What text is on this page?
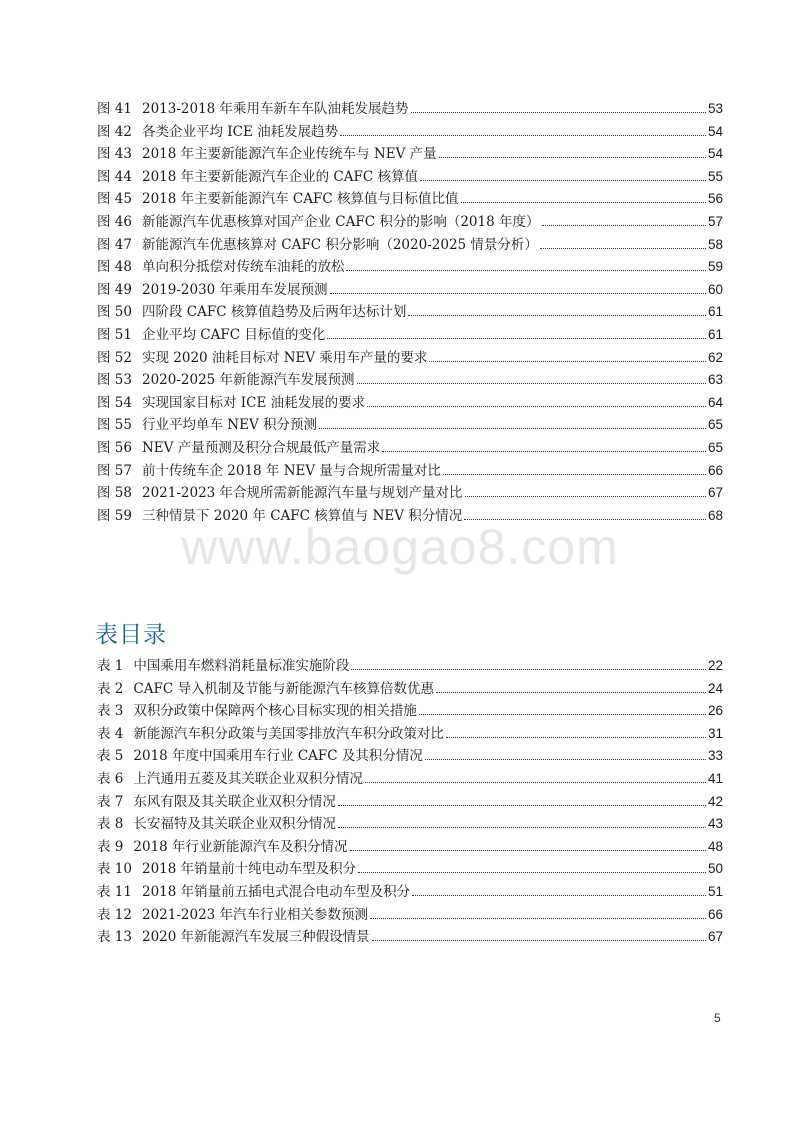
图 41 2013-2018 年乘用车新车车队油耗发展趋势	53
图 42 各类企业平均 ICE 油耗发展趋势	54
图 43 2018 年主要新能源汽车企业传统车与 NEV 产量	54
图 44 2018 年主要新能源汽车企业的 CAFC 核算值	55
图 45 2018 年主要新能源汽车 CAFC 核算值与目标值比值	56
图 46 新能源汽车优惠核算对国产企业 CAFC 积分的影响（2018 年度）	57
图 47 新能源汽车优惠核算对 CAFC 积分影响（2020-2025 情景分析）	58
图 48 单向积分抵偿对传统车油耗的放松	59
图 49 2019-2030 年乘用车发展预测	60
图 50 四阶段 CAFC 核算值趋势及后两年达标计划	61
图 51 企业平均 CAFC 目标值的变化	61
图 52 实现 2020 油耗目标对 NEV 乘用车产量的要求	62
图 53 2020-2025 年新能源汽车发展预测	63
图 54 实现国家目标对 ICE 油耗发展的要求	64
图 55 行业平均单车 NEV 积分预测	65
图 56 NEV 产量预测及积分合规最低产量需求	65
图 57 前十传统车企 2018 年 NEV 量与合规所需量对比	66
图 58 2021-2023 年合规所需新能源汽车量与规划产量对比	67
图 59 三种情景下 2020 年 CAFC 核算值与 NEV 积分情况	68
www.baogao8.com
表目录
表 1 中国乘用车燃料消耗量标准实施阶段	22
表 2 CAFC 导入机制及节能与新能源汽车核算倍数优惠	24
表 3 双积分政策中保障两个核心目标实现的相关措施	26
表 4 新能源汽车积分政策与美国零排放汽车积分政策对比	31
表 5 2018 年度中国乘用车行业 CAFC 及其积分情况	33
表 6 上汽通用五菱及其关联企业双积分情况	41
表 7 东风有限及其关联企业双积分情况	42
表 8 长安福特及其关联企业双积分情况	43
表 9 2018 年行业新能源汽车及积分情况	48
表 10 2018 年销量前十纯电动车型及积分	50
表 11 2018 年销量前五插电式混合电动车型及积分	51
表 12 2021-2023 年汽车行业相关参数预测	66
表 13 2020 年新能源汽车发展三种假设情景	67
5
